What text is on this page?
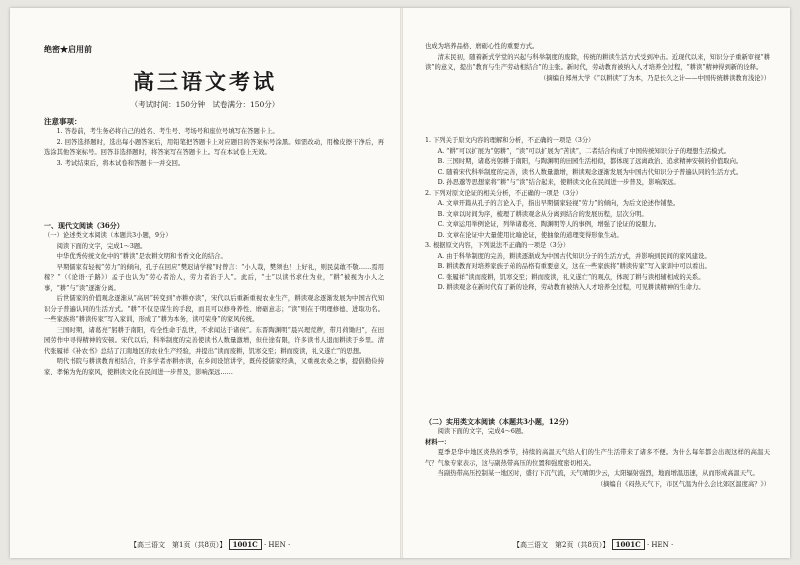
绝密★启用前
高三语文考试
（考试时间：150分钟　试卷满分：150分）
注意事项：
1. 答卷前，考生务必将自己的姓名、考生号、考场号和座位号填写在答题卡上。
2. 回答选择题时，选出每小题答案后，用铅笔把答题卡上对应题目的答案标号涂黑。如需改动，用橡皮擦干净后，再选涂其他答案标号。回答非选择题时，将答案写在答题卡上。写在本试卷上无效。
3. 考试结束后，将本试卷和答题卡一并交回。
一、现代文阅读（36分）
（一）论述类文本阅读（本题共3小题，9分）
阅读下面的文字，完成1～3题。
中华优秀传统文化中的“耕读”是农耕文明和书香文化的结合。
早期儒家有轻视“劳力”的倾向，孔子在回应“樊迟请学稼”时曾言：“小人哉，樊须也！上好礼，则民莫敢不敬……焉用稼？”（《论语·子路》）孟子也认为“劳心者治人，劳力者治于人”。此后，“士”以读书求仕为业，“耕”被视为小人之事，“耕”与“读”逐渐分离。
后世儒家的价值观念逐渐从“高居”转变到“亦耕亦读”，宋代以后重新重视农业生产，耕读观念逐渐发展为中国古代知识分子普遍认同的生活方式。“耕”不仅是谋生的手段，而且可以修身养性、磨砺意志；“读”则在于明理修德、进取功名。一些家族将“耕读传家”写入家训，形成了“耕为本务，读可荣身”的家风传统。
三国时期，诸葛亮“躬耕于南阳，苟全性命于乱世，不求闻达于诸侯”。东晋陶渊明“晨兴理荒秽，带月荷锄归”，在田园劳作中寻得精神的安顿。宋代以后，科举制度的完善使读书人数量激增，但仕途有限，许多读书人退而耕读于乡里。清代张履祥《补农书》总结了江南地区的农业生产经验，并提出“读而废耕，饥寒交至；耕而废读，礼义遂亡”的思想。
明代书院与耕读教育相结合，许多学者亦耕亦读，在乡间设馆讲学，既传授儒家经典，又重视农桑之事，提倡勤俭持家、孝悌为先的家风，使耕读文化在民间进一步普及，影响深远……
【高三语文　第1页（共8页）】 1001C · HEN ·
也成为培养品格、磨砺心性的重要方式。
清末民初，随着新式学堂的兴起与科举制度的废除，传统的耕读生活方式受到冲击。近现代以来，知识分子重新审视“耕读”的意义，提出“教育与生产劳动相结合”的主张。新时代，劳动教育被纳入人才培养全过程，“耕读”精神得到新的诠释。
（摘编自郑州大学《“以耕读”了为本，乃是长久之计——中国传统耕读教育浅论》）
1. 下列关于原文内容的理解和分析，不正确的一项是（3分）
A. “耕”可以扩展为“躬耕”，“读”可以扩展为“苦读”，二者结合构成了中国传统知识分子的理想生活模式。
B. 三国时期，诸葛亮躬耕于南阳，与陶渊明的田园生活相似，都体现了远离政治、追求精神安顿的价值取向。
C. 随着宋代科举制度的完善，读书人数量激增，耕读观念逐渐发展为中国古代知识分子普遍认同的生活方式。
D. 孙思邈等思想家将“耕”与“读”结合起来，使耕读文化在民间进一步普及，影响深远。
2. 下列对原文论证的相关分析，不正确的一项是（3分）
A. 文章开篇从孔子的言论入手，指出早期儒家轻视“劳力”的倾向，为后文论述作铺垫。
B. 文章以时间为序，梳理了耕读观念从分离到结合的发展历程，层次分明。
C. 文章运用举例论证，列举诸葛亮、陶渊明等人的事例，增强了论证的说服力。
D. 文章在论证中大量使用比喻论证，使抽象的道理变得形象生动。
3. 根据原文内容，下列说法不正确的一项是（3分）
A. 由于科举制度的完善，耕读逐渐成为中国古代知识分子的生活方式，并影响到民间的家风建设。
B. 耕读教育对培养家族子弟的品格有重要意义，这在一些家族将“耕读传家”写入家训中可以看出。
C. 张履祥“读而废耕，饥寒交至；耕而废读，礼义遂亡”的观点，体现了耕与读相辅相成的关系。
D. 耕读观念在新时代有了新的诠释，劳动教育被纳入人才培养全过程，可见耕读精神的生命力。
（二）实用类文本阅读（本题共3小题，12分）
阅读下面的文字，完成4～6题。
材料一：
夏季是华中地区炎热的季节，持续的高温天气给人们的生产生活带来了诸多不便。为什么每年都会出现这样的高温天气？气象专家表示，这与副热带高压的位置和强度密切相关。
当副热带高压控制某一地区时，盛行下沉气流，天气晴朗少云，太阳辐射强烈，地面增温迅速，从而形成高温天气。
（摘编自《闷热天气下，市区气温为什么会比郊区温度高？》）
【高三语文　第2页（共8页）】 1001C · HEN ·
